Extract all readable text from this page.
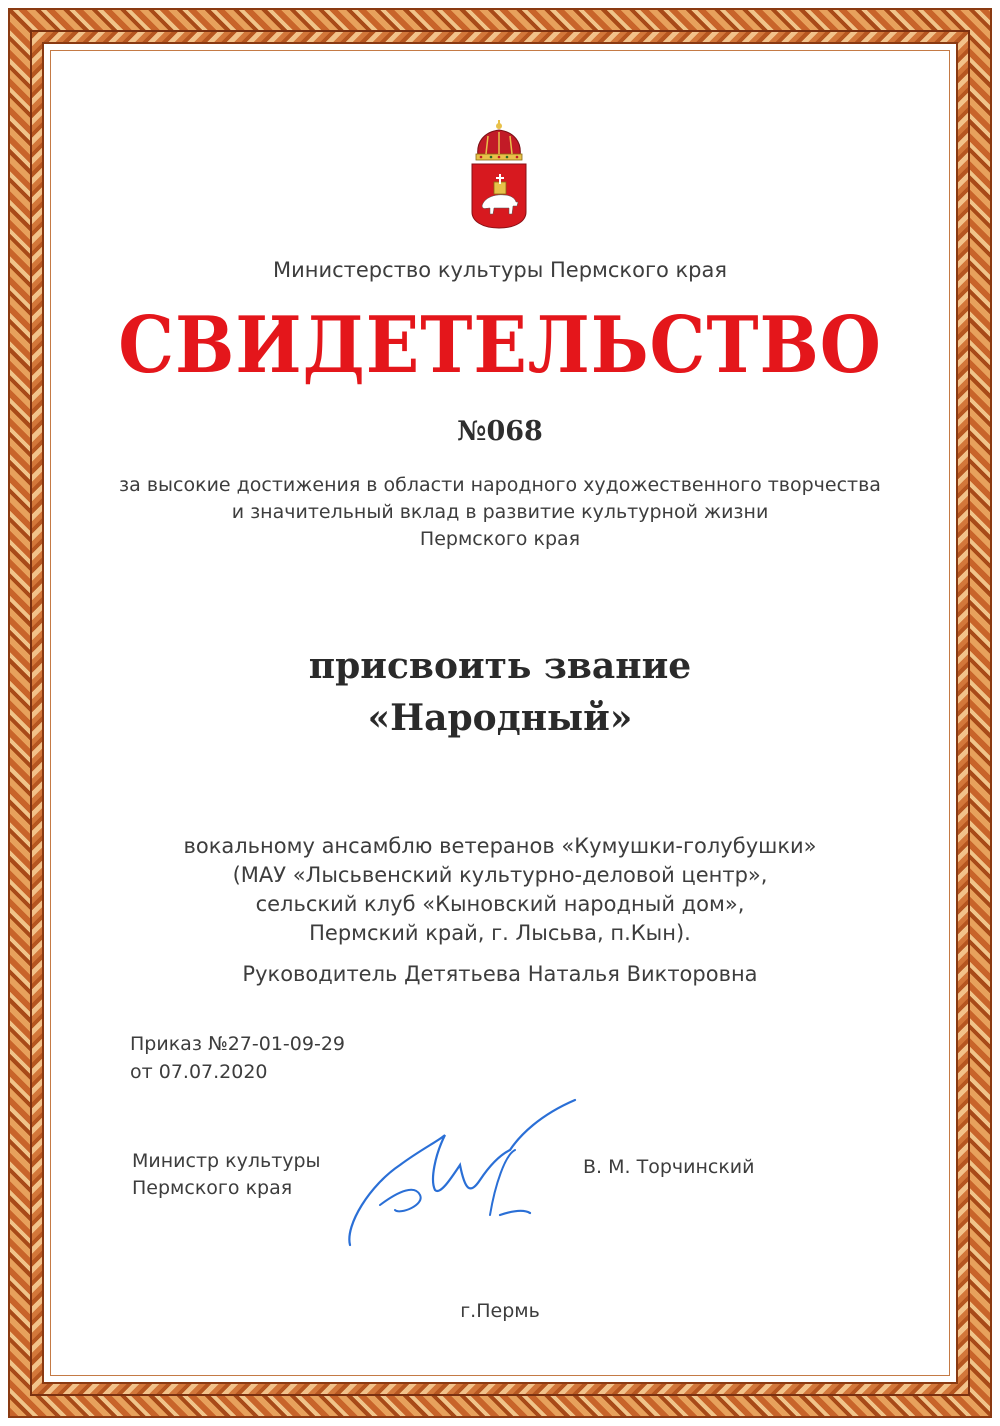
Министерство культуры Пермского края
СВИДЕТЕЛЬСТВО
№068
за высокие достижения в области народного художественного творчества
и значительный вклад в развитие культурной жизни
Пермского края
присвоить звание
«Народный»
вокальному ансамблю ветеранов «Кумушки-голубушки»
(МАУ «Лысьвенский культурно-деловой центр»,
сельский клуб «Кыновский народный дом»,
Пермский край, г. Лысьва, п.Кын).
Руководитель Детятьева Наталья Викторовна
Приказ №27-01-09-29
от 07.07.2020
Министр культуры
Пермского края
В. М. Торчинский
г.Пермь
